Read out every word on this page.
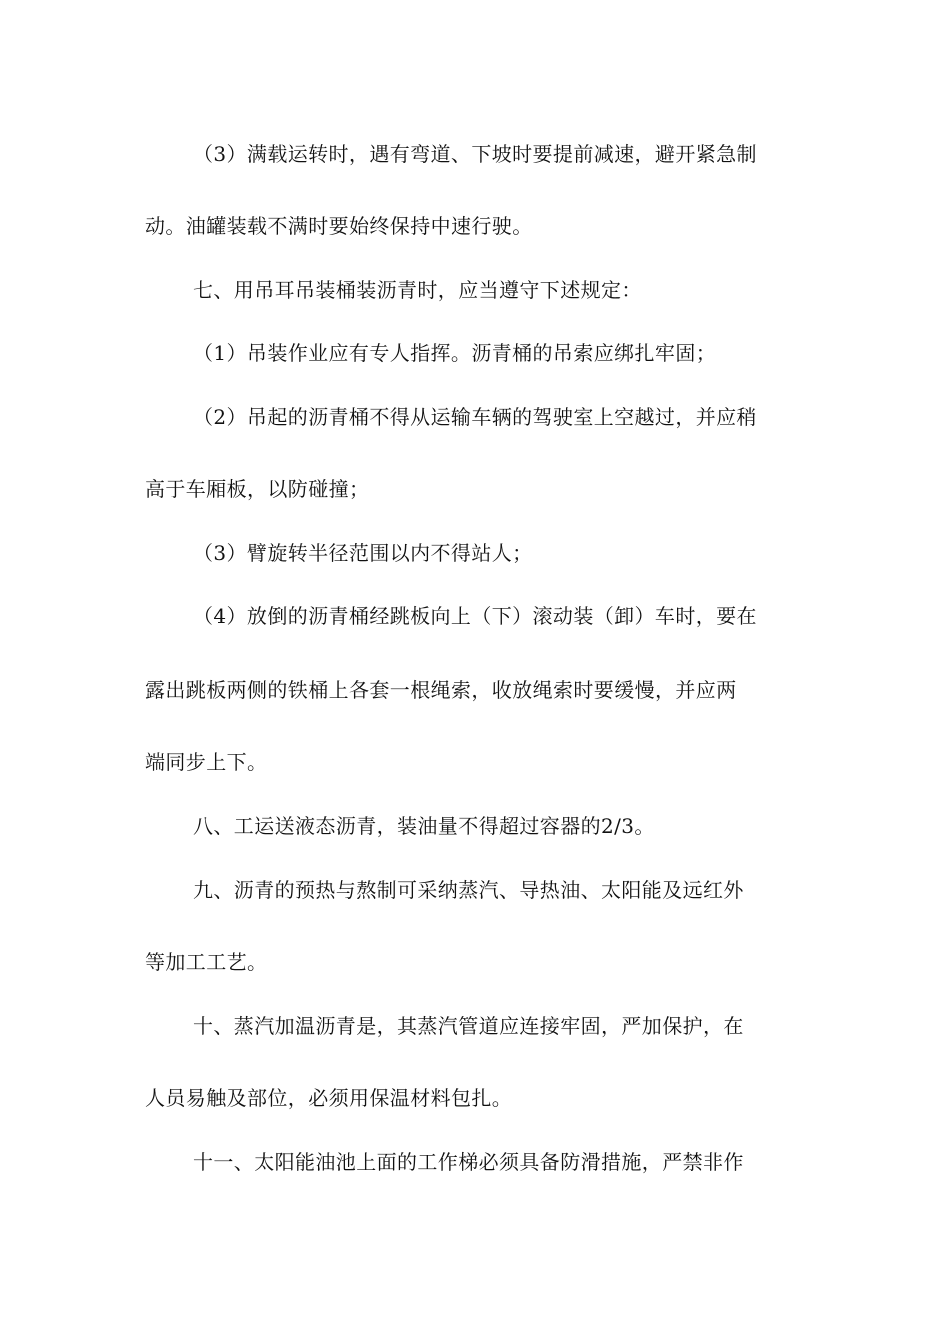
（3）满载运转时，遇有弯道、下坡时要提前减速，避开紧急制
动。油罐装载不满时要始终保持中速行驶。
七、用吊耳吊装桶装沥青时，应当遵守下述规定：
（1）吊装作业应有专人指挥。沥青桶的吊索应绑扎牢固；
（2）吊起的沥青桶不得从运输车辆的驾驶室上空越过，并应稍
高于车厢板，以防碰撞；
（3）臂旋转半径范围以内不得站人；
（4）放倒的沥青桶经跳板向上（下）滚动装（卸）车时，要在
露出跳板两侧的铁桶上各套一根绳索，收放绳索时要缓慢，并应两
端同步上下。
八、工运送液态沥青，装油量不得超过容器的2/3。
九、沥青的预热与熬制可采纳蒸汽、导热油、太阳能及远红外
等加工工艺。
十、蒸汽加温沥青是，其蒸汽管道应连接牢固，严加保护，在
人员易触及部位，必须用保温材料包扎。
十一、太阳能油池上面的工作梯必须具备防滑措施，严禁非作
